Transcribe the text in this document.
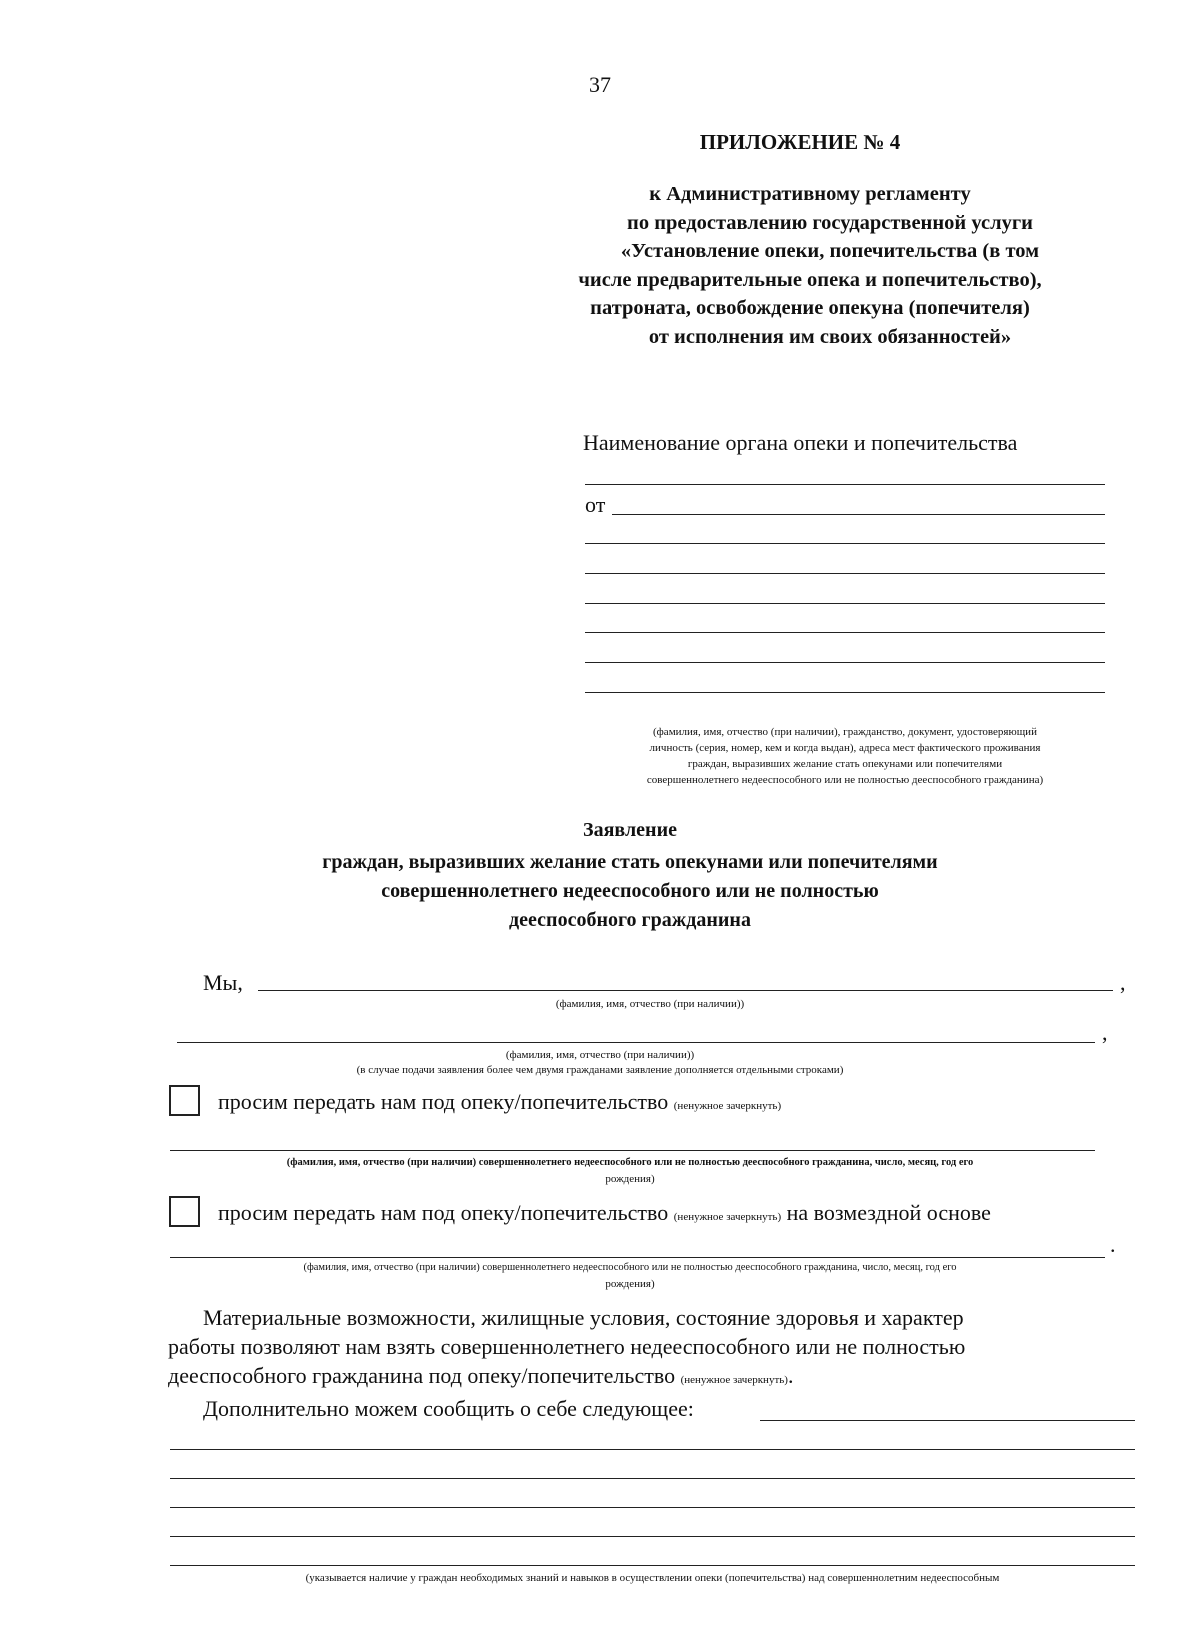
37
ПРИЛОЖЕНИЕ № 4
к Административному регламенту
по предоставлению государственной услуги
«Установление опеки, попечительства (в том
числе предварительные опека и попечительство),
патроната, освобождение опекуна (попечителя)
от исполнения им своих обязанностей»
Наименование органа опеки и попечительства
от
(фамилия, имя, отчество (при наличии), гражданство, документ, удостоверяющий
личность (серия, номер, кем и когда выдан), адреса мест фактического проживания
граждан, выразивших желание стать опекунами или попечителями
совершеннолетнего недееспособного или не полностью дееспособного гражданина)
Заявление
граждан, выразивших желание стать опекунами или попечителями
совершеннолетнего недееспособного или не полностью
дееспособного гражданина
Мы,	,
(фамилия, имя, отчество (при наличии))
,
(фамилия, имя, отчество (при наличии))
(в случае подачи заявления более чем двумя гражданами заявление дополняется отдельными строками)
просим передать нам под опеку/попечительство (ненужное зачеркнуть)
(фамилия, имя, отчество (при наличии) совершеннолетнего недееспособного или не полностью дееспособного гражданина, число, месяц, год его
рождения)
просим передать нам под опеку/попечительство (ненужное зачеркнуть) на возмездной основе
.
(фамилия, имя, отчество (при наличии) совершеннолетнего недееспособного или не полностью дееспособного гражданина, число, месяц, год его
рождения)
Материальные возможности, жилищные условия, состояние здоровья и характер
работы позволяют нам взять совершеннолетнего недееспособного или не полностью
дееспособного гражданина под опеку/попечительство (ненужное зачеркнуть).
Дополнительно можем сообщить о себе следующее:
(указывается наличие у граждан необходимых знаний и навыков в осуществлении опеки (попечительства) над совершеннолетним недееспособным
